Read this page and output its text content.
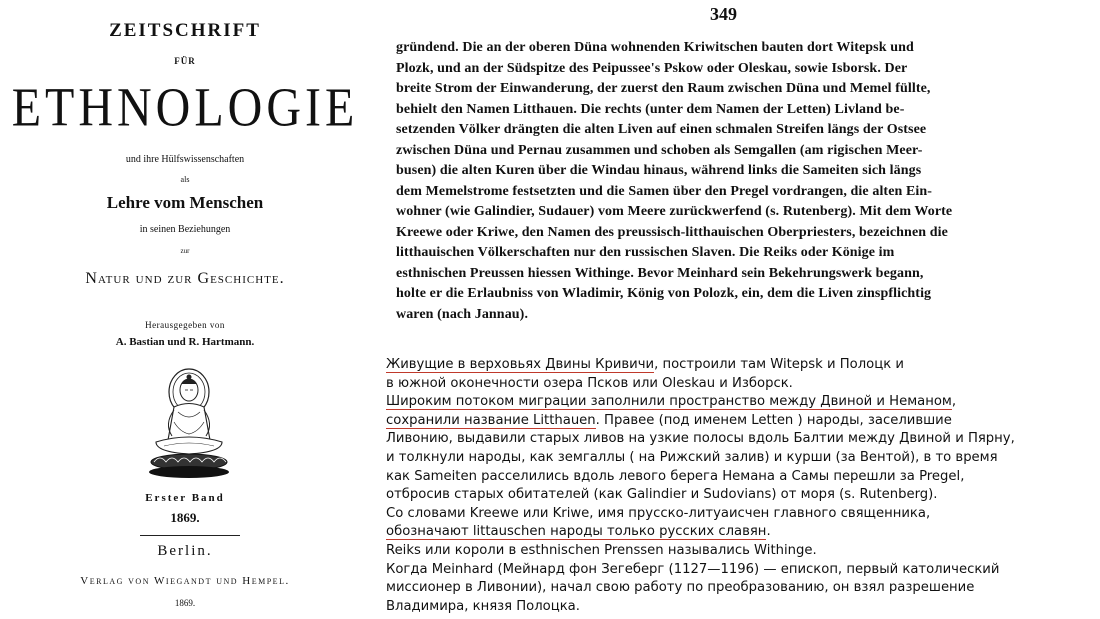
ZEITSCHRIFT
FÜR
ETHNOLOGIE
und ihre Hülfswissenschaften
als
Lehre vom Menschen
in seinen Beziehungen
zur
Natur und zur Geschichte.
Herausgegeben von
A. Bastian und R. Hartmann.
Erster Band
1869.
Berlin.
Verlag von Wiegandt und Hempel.
1869.
349
gründend. Die an der oberen Düna wohnenden Kriwitschen bauten dort Witepsk und
Plozk, und an der Südspitze des Peipussee's Pskow oder Oleskau, sowie Isborsk. Der
breite Strom der Einwanderung, der zuerst den Raum zwischen Düna und Memel füllte,
behielt den Namen Litthauen. Die rechts (unter dem Namen der Letten) Livland be-
setzenden Völker drängten die alten Liven auf einen schmalen Streifen längs der Ostsee
zwischen Düna und Pernau zusammen und schoben als Semgallen (am rigischen Meer-
busen) die alten Kuren über die Windau hinaus, während links die Sameiten sich längs
dem Memelstrome festsetzten und die Samen über den Pregel vordrangen, die alten Ein-
wohner (wie Galindier, Sudauer) vom Meere zurückwerfend (s. Rutenberg). Mit dem Worte
Kreewe oder Kriwe, den Namen des preussisch-litthauischen Oberpriesters, bezeichnen die
litthauischen Völkerschaften nur den russischen Slaven. Die Reiks oder Könige im
esthnischen Preussen hiessen Withinge. Bevor Meinhard sein Bekehrungswerk begann,
holte er die Erlaubniss von Wladimir, König von Polozk, ein, dem die Liven zinspflichtig
waren (nach Jannau).
Живущие в верховьях Двины Кривичи, построили там Witepsk и Полоцк и
в южной оконечности озера Псков или Oleskau и Изборск.
Широким потоком миграции заполнили пространство между Двиной и Неманом,
сохранили название Litthauen. Правее (под именем Letten ) народы, заселившие
Ливонию, выдавили старых ливов на узкие полосы вдоль Балтии между Двиной и Пярну,
и толкнули народы, как земгаллы ( на Рижский залив) и курши (за Вентой), в то время
как Sameiten расселились вдоль левого берега Немана а Самы перешли за Pregel,
отбросив старых обитателей (как Galindier и Sudovians) от моря (s. Rutenberg).
Со словами Kreewe или Kriwe, имя прусско-литуаисчен главного священника,
обозначают littauschen народы только русских славян.
Reiks или короли в esthnischen Prenssen назывались Withinge.
Когда Meinhard (Мейнард фон Зегеберг (1127—1196) — епископ, первый католический
миссионер в Ливонии), начал свою работу по преобразованию, он взял разрешение
Владимира, князя Полоцка.
